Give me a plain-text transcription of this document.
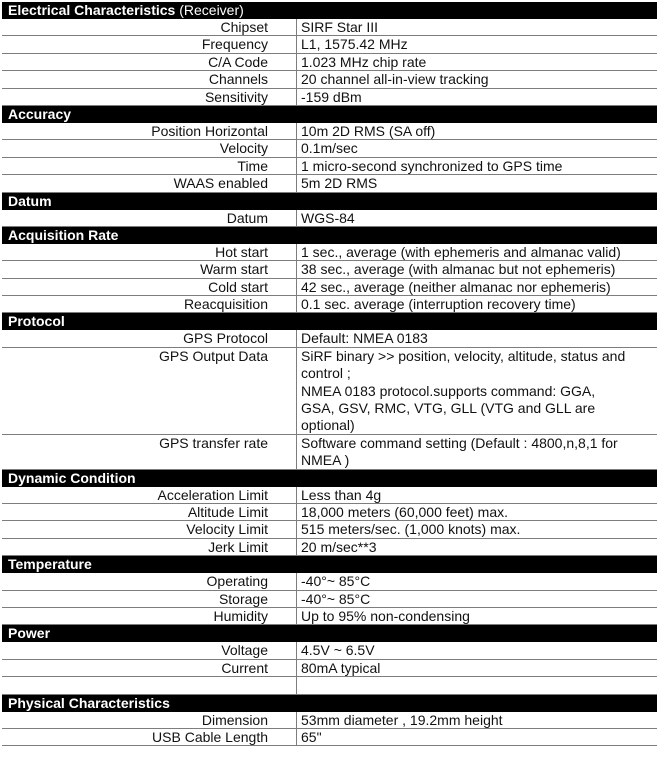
Electrical Characteristics (Receiver)
Chipset SIRF Star III
Frequency L1, 1575.42 MHz
C/A Code 1.023 MHz chip rate
Channels 20 channel all-in-view tracking
Sensitivity -159 dBm
Accuracy
Position Horizontal 10m 2D RMS (SA off)
Velocity 0.1m/sec
Time 1 micro-second synchronized to GPS time
WAAS enabled 5m 2D RMS
Datum
Datum WGS-84
Acquisition Rate
Hot start 1 sec., average (with ephemeris and almanac valid)
Warm start 38 sec., average (with almanac but not ephemeris)
Cold start 42 sec., average (neither almanac nor ephemeris)
Reacquisition 0.1 sec. average (interruption recovery time)
Protocol
GPS Protocol Default: NMEA 0183
GPS Output Data SiRF binary >> position, velocity, altitude, status and
control ;
NMEA 0183 protocol.supports command: GGA,
GSA, GSV, RMC, VTG, GLL (VTG and GLL are
optional)
GPS transfer rate Software command setting (Default : 4800,n,8,1 for
NMEA )
Dynamic Condition
Acceleration Limit Less than 4g
Altitude Limit 18,000 meters (60,000 feet) max.
Velocity Limit 515 meters/sec. (1,000 knots) max.
Jerk Limit 20 m/sec**3
Temperature
Operating -40°~ 85°C
Storage -40°~ 85°C
Humidity Up to 95% non-condensing
Power
Voltage 4.5V ~ 6.5V
Current 80mA typical
Physical Characteristics
Dimension 53mm diameter , 19.2mm height
USB Cable Length 65"
